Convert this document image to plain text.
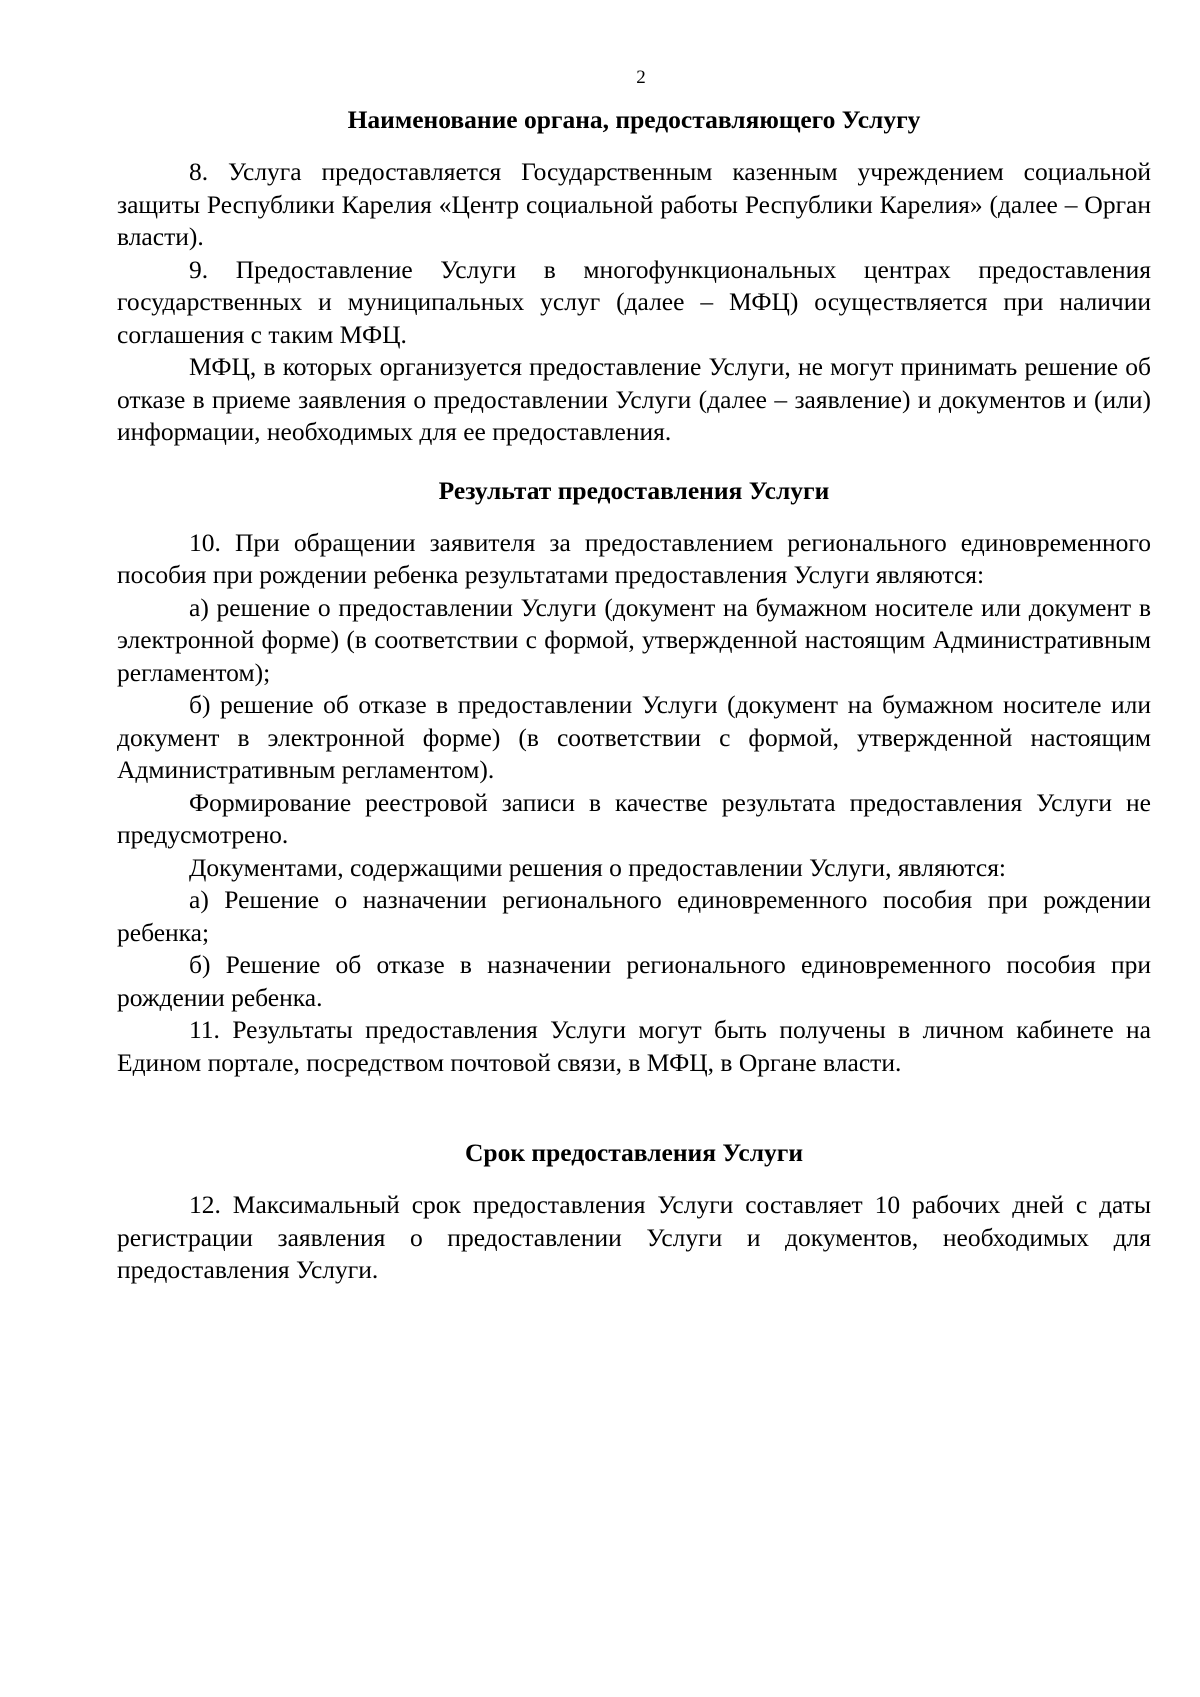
2
Наименование органа, предоставляющего Услугу

8. Услуга предоставляется Государственным казенным учреждением социальной защиты Республики Карелия «Центр социальной работы Республики Карелия» (далее – Орган власти).

9. Предоставление Услуги в многофункциональных центрах предоставления государственных и муниципальных услуг (далее – МФЦ) осуществляется при наличии соглашения с таким МФЦ.

МФЦ, в которых организуется предоставление Услуги, не могут принимать решение об отказе в приеме заявления о предоставлении Услуги (далее – заявление) и документов и (или) информации, необходимых для ее предоставления.

Результат предоставления Услуги

10. При обращении заявителя за предоставлением регионального единовременного пособия при рождении ребенка результатами предоставления Услуги являются:

а) решение о предоставлении Услуги (документ на бумажном носителе или документ в электронной форме) (в соответствии с формой, утвержденной настоящим Административным регламентом);

б) решение об отказе в предоставлении Услуги (документ на бумажном носителе или документ в электронной форме) (в соответствии с формой, утвержденной настоящим Административным регламентом).

Формирование реестровой записи в качестве результата предоставления Услуги не предусмотрено.

Документами, содержащими решения о предоставлении Услуги, являются:

а) Решение о назначении регионального единовременного пособия при рождении ребенка;

б) Решение об отказе в назначении регионального единовременного пособия при рождении ребенка.

11. Результаты предоставления Услуги могут быть получены в личном кабинете на Едином портале, посредством почтовой связи, в МФЦ, в Органе власти.

Срок предоставления Услуги

12. Максимальный срок предоставления Услуги составляет 10 рабочих дней с даты регистрации заявления о предоставлении Услуги и документов, необходимых для предоставления Услуги.
